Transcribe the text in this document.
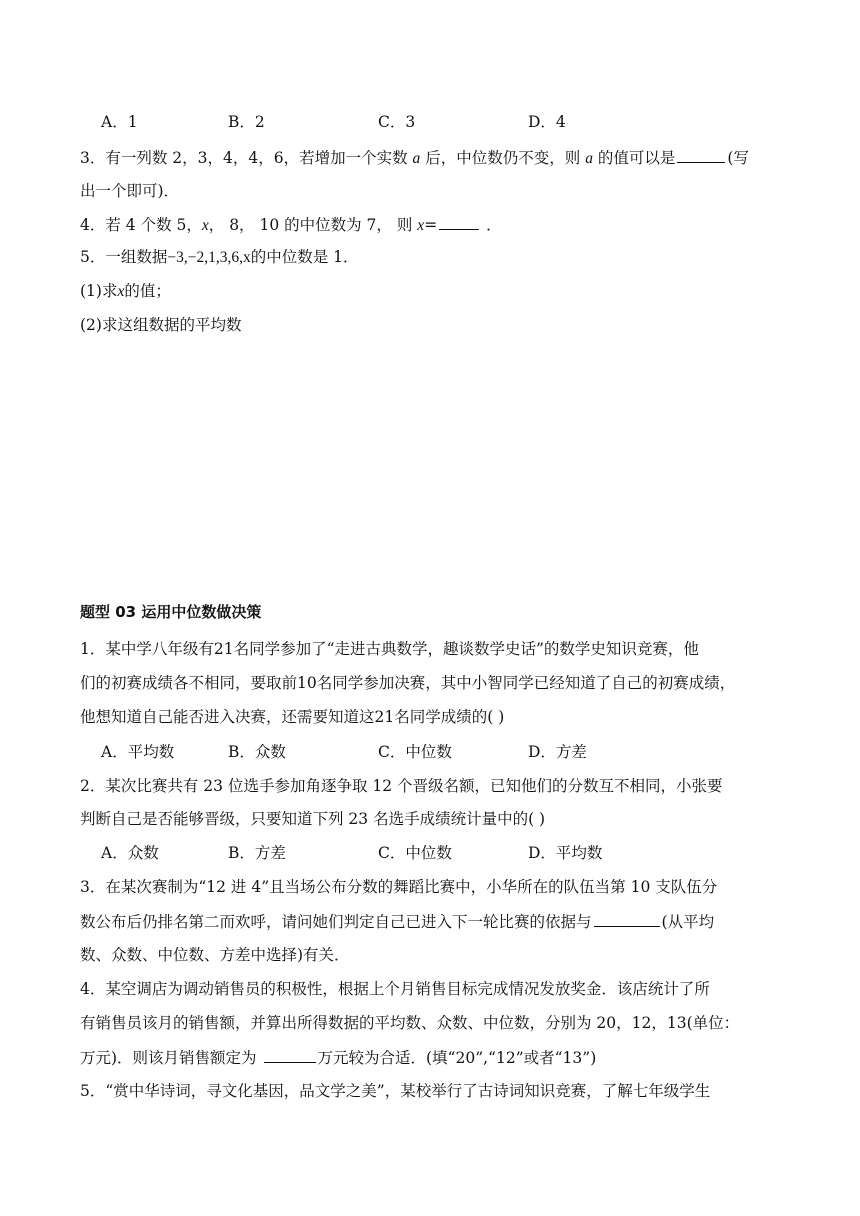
A．1	B．2	C．3	D．4
3．有一列数 2，3，4，4，6，若增加一个实数 a 后，中位数仍不变，则 a 的值可以是	(写
出一个即可)．
4．若 4 个数 5，x， 8， 10 的中位数为 7， 则 x=	．
5．一组数据−3,−2,1,3,6,x的中位数是 1．
(1)求x的值；
(2)求这组数据的平均数
题型 03 运用中位数做决策
1．某中学八年级有21名同学参加了“走进古典数学，趣谈数学史话”的数学史知识竞赛，他
们的初赛成绩各不相同，要取前10名同学参加决赛，其中小智同学已经知道了自己的初赛成绩，
他想知道自己能否进入决赛，还需要知道这21名同学成绩的( )
A．平均数	B．众数	C．中位数	D．方差
2．某次比赛共有 23 位选手参加角逐争取 12 个晋级名额，已知他们的分数互不相同，小张要
判断自己是否能够晋级，只要知道下列 23 名选手成绩统计量中的( )
A．众数	B．方差	C．中位数	D．平均数
3．在某次赛制为“12 进 4”且当场公布分数的舞蹈比赛中，小华所在的队伍当第 10 支队伍分
数公布后仍排名第二而欢呼，请问她们判定自己已进入下一轮比赛的依据与	(从平均
数、众数、中位数、方差中选择)有关．
4．某空调店为调动销售员的积极性，根据上个月销售目标完成情况发放奖金．该店统计了所
有销售员该月的销售额，并算出所得数据的平均数、众数、中位数，分别为 20，12，13(单位：
万元)．则该月销售额定为	万元较为合适．(填“20”,“12”或者“13”)
5．“赏中华诗词，寻文化基因，品文学之美”，某校举行了古诗词知识竞赛，了解七年级学生
